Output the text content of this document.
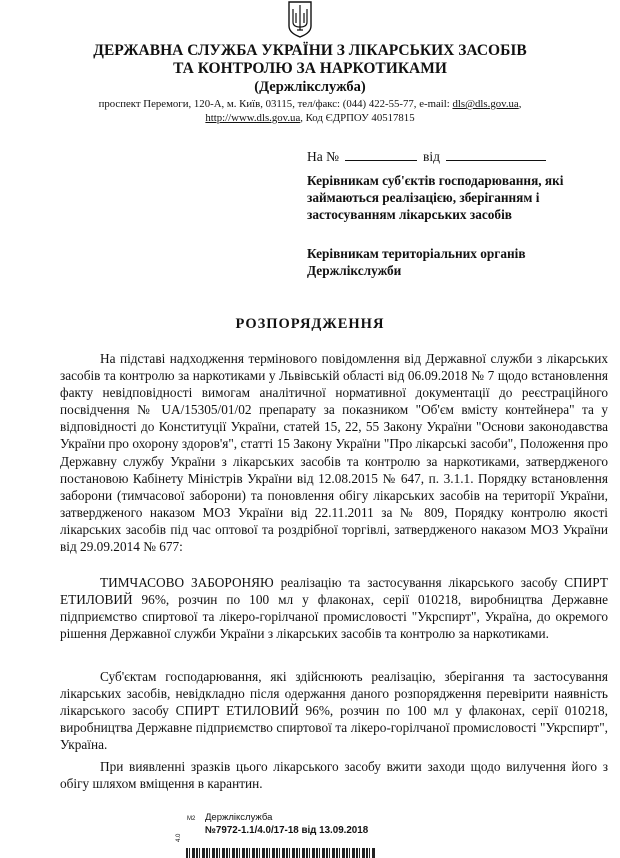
ДЕРЖАВНА СЛУЖБА УКРАЇНИ З ЛІКАРСЬКИХ ЗАСОБІВ
ТА КОНТРОЛЮ ЗА НАРКОТИКАМИ
(Держлікслужба)
проспект Перемоги, 120-А, м. Київ, 03115, тел/факс: (044) 422-55-77, e-mail: dls@dls.gov.ua,
http://www.dls.gov.ua, Код ЄДРПОУ 40517815
На №	від
Керівникам суб'єктів господарювання, які займаються реалізацією, зберіганням і застосуванням лікарських засобів
Керівникам територіальних органів Держлікслужби
РОЗПОРЯДЖЕННЯ
На підставі надходження термінового повідомлення від Державної служби з лікарських засобів та контролю за наркотиками у Львівській області від 06.09.2018 № 7 щодо встановлення факту невідповідності вимогам аналітичної нормативної документації до реєстраційного посвідчення № UA/15305/01/02 препарату за показником "Об'єм вмісту контейнера" та у відповідності до Конституції України, статей 15, 22, 55 Закону України "Основи законодавства України про охорону здоров'я", статті 15 Закону України "Про лікарські засоби", Положення про Державну службу України з лікарських засобів та контролю за наркотиками, затвердженого постановою Кабінету Міністрів України від 12.08.2015 № 647, п. 3.1.1. Порядку встановлення заборони (тимчасової заборони) та поновлення обігу лікарських засобів на території України, затвердженого наказом МОЗ України від 22.11.2011 за № 809, Порядку контролю якості лікарських засобів під час оптової та роздрібної торгівлі, затвердженого наказом МОЗ України від 29.09.2014 № 677:
ТИМЧАСОВО ЗАБОРОНЯЮ реалізацію та застосування лікарського засобу СПИРТ ЕТИЛОВИЙ 96%, розчин по 100 мл у флаконах, серії 010218, виробництва Державне підприємство спиртової та лікеро-горілчаної промисловості "Укрспирт", Україна, до окремого рішення Державної служби України з лікарських засобів та контролю за наркотиками.
Суб'єктам господарювання, які здійснюють реалізацію, зберігання та застосування лікарських засобів, невідкладно після одержання даного розпорядження перевірити наявність лікарського засобу СПИРТ ЕТИЛОВИЙ 96%, розчин по 100 мл у флаконах, серії 010218, виробництва Державне підприємство спиртової та лікеро-горілчаної промисловості "Укрспирт", Україна.
При виявленні зразків цього лікарського засобу вжити заходи щодо вилучення його з обігу шляхом вміщення в карантин.
М2 Держлікслужба
№7972-1.1/4.0/17-18 від 13.09.2018
4.0
